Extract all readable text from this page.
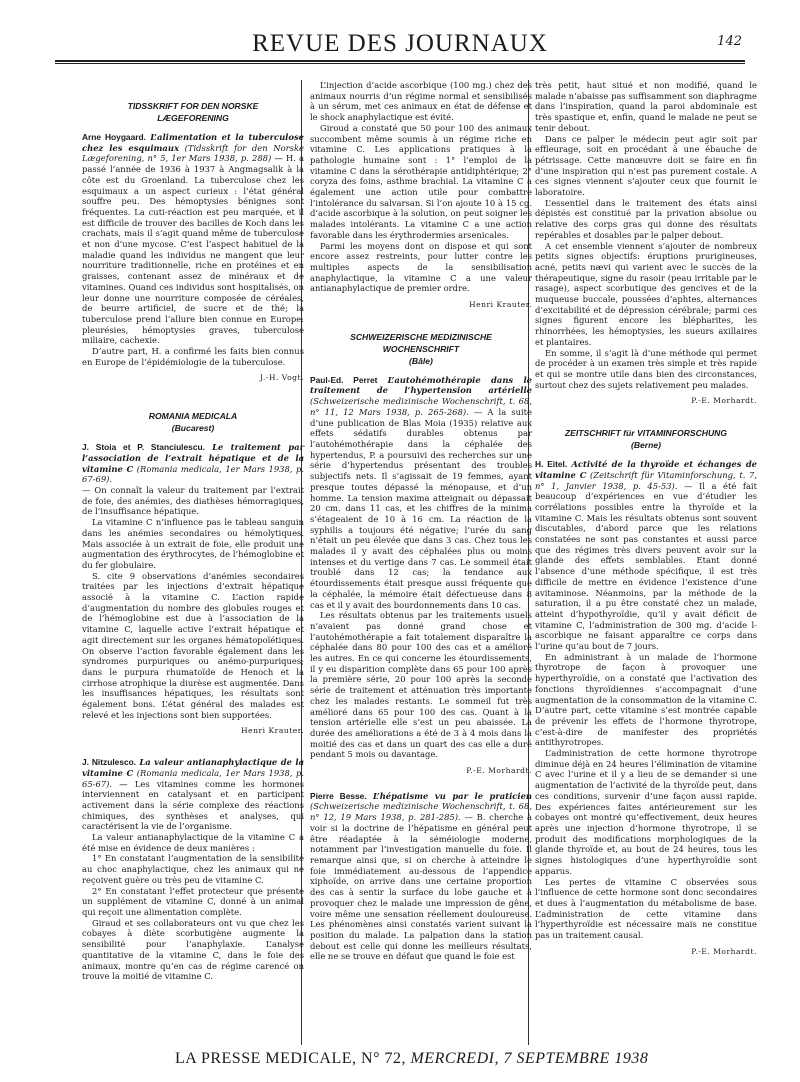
REVUE DES JOURNAUX	142
TIDSSKRIFT FOR DEN NORSKE
LÆGEFORENING

Arne Hoygaard. L’alimentation et la tuberculose chez les esquimaux (Tidsskrift for den Norske Lægeforening, n° 5, 1er Mars 1938, p. 288) — H. a passé l’année de 1936 à 1937 à Angmagsalik à la côte est du Groenland. La tuberculose chez les esquimaux a un aspect curieux : l’état général souffre peu. Des hémoptysies bénignes sont fréquentes. La cuti-réaction est peu marquée, et il est difficile de trouver des bacilles de Koch dans les crachats, mais il s’agit quand même de tuberculose et non d’une mycose. C’est l’aspect habituel de la maladie quand les individus ne mangent que leur nourriture traditionnelle, riche en protéines et en graisses, contenant assez de minéraux et de vitamines. Quand ces individus sont hospitalisés, on leur donne une nourriture composée de céréales, de beurre artificiel, de sucre et de thé; la tuberculose prend l’allure bien connue en Europe: pleurésies, hémoptysies graves, tuberculose miliaire, cachexie.

D’autre part, H. a confirmé les faits bien connus en Europe de l’épidémiologie de la tuberculose.

J.-H. Vogt.

ROMANIA MEDICALA
(Bucarest)

J. Stoia et P. Stanciulescu. Le traitement par l’association de l’extrait hépatique et de la vitamine C (Romania medicala, 1er Mars 1938, p. 67-69).

— On connaît la valeur du traitement par l’extrait de foie, des anémies, des diathèses hémorragiques, de l’insuffisance hépatique.

La vitamine C n’influence pas le tableau sanguin dans les anémies secondaires ou hémolytiques. Mais associée à un extrait de foie, elle produit une augmentation des érythrocytes, de l’hémoglobine et du fer globulaire.

S. cite 9 observations d’anémies secondaires traitées par les injections d’extrait hépatique associé à la vitamine C. L’action rapide d’augmentation du nombre des globules rouges et de l’hémoglobine est due à l’association de la vitamine C, laquelle active l’extrait hépatique et agit directement sur les organes hématopoïétiques. On observe l’action favorable également dans les syndromes purpuriques ou anémo-purpuriques; dans le purpura rhumatoïde de Henoch et la cirrhose atrophique la diurèse est augmentée. Dans les insuffisances hépatiques, les résultats sont également bons. L’état général des malades est relevé et les injections sont bien supportées.

Henri Krauter.

J. Nitzulesco. La valeur antianaphylactique de la vitamine C (Romania medicala, 1er Mars 1938, p. 65-67). — Les vitamines comme les hormones interviennent en catalysant et en participant activement dans la série complexe des réactions chimiques, des synthèses et analyses, qui caractérisent la vie de l’organisme.

La valeur antianaphylactique de la vitamine C a été mise en évidence de deux manières :

1° En constatant l’augmentation de la sensibilité au choc anaphylactique, chez les animaux qui ne reçoivent guère ou très peu de vitamine C.

2° En constatant l’effet protecteur que présente un supplément de vitamine C, donné à un animal qui reçoit une alimentation complète.

Giraud et ses collaborateurs ont vu que chez les cobayes à diète scorbutigène augmente la sensibilité pour l’anaphylaxie. L’analyse quantitative de la vitamine C, dans le foie des animaux, montre qu’en cas de régime carencé on trouve la moitié de vitamine C.

L’injection d’acide ascorbique (100 mg.) chez des animaux nourris d’un régime normal et sensibilisés à un sérum, met ces animaux en état de défense et le shock anaphylactique est évité.

Giroud a constaté que 50 pour 100 des animaux succombent même soumis à un régime riche en vitamine C. Les applications pratiques à la pathologie humaine sont : 1° l’emploi de la vitamine C dans la sérothérapie antidiphtérique; 2° coryza des foins, asthme brachial. La vitamine C a également une action utile pour combattre l’intolérance du salvarsan. Si l’on ajoute 10 à 15 cg. d’acide ascorbique à la solution, on peut soigner les malades intolérants. La vitamine C a une action favorable dans les érythrodermies arsenicales.

Parmi les moyens dont on dispose et qui sont encore assez restreints, pour lutter contre les multiples aspects de la sensibilisation anaphylactique, la vitamine C a une valeur antianaphylactique de premier ordre.

Henri Krauter.

SCHWEIZERISCHE MEDIZINISCHE
WOCHENSCHRIFT
(Bâle)

Paul-Ed. Perret L’autohémothérapie dans le traitement de l’hypertension artérielle (Schweizerische medizinische Wochenschrift, t. 68, n° 11, 12 Mars 1938, p. 265-268). — A la suite d’une publication de Blas Moia (1935) relative aux effets sédatifs durables obtenus par l’autohémothérapie dans la céphalée des hypertendus, P. a poursuivi des recherches sur une série d’hypertendus présentant des troubles subjectifs nets. Il s’agissait de 19 femmes, ayant presque toutes dépassé la ménopause, et d’un homme. La tension maxima atteignait ou dépassait 20 cm. dans 11 cas, et les chiffres de la minima s’étageaient de 10 à 16 cm. La réaction de la syphilis a toujours été négative; l’urée du sang n’était un peu élevée que dans 3 cas. Chez tous les malades il y avait des céphalées plus ou moins intenses et du vertige dans 7 cas. Le sommeil était troublé dans 12 cas; la tendance aux étourdissements était presque aussi fréquente que la céphalée, la mémoire était défectueuse dans 8 cas et il y avait des bourdonnements dans 10 cas.

Les résultats obtenus par les traitements usuels n’avaient pas donné grand chose et l’autohémothérapie a fait totalement disparaître la céphalée dans 80 pour 100 des cas et a amélioré les autres. En ce qui concerne les étourdissements, il y eu disparition complète dans 65 pour 100 après la première série, 20 pour 100 après la seconde série de traitement et atténuation très importante chez les malades restants. Le sommeil fut très amélioré dans 65 pour 100 des cas. Quant à la tension artérielle elle s’est un peu abaissée. La durée des améliorations a été de 3 à 4 mois dans la moitié des cas et dans un quart des cas elle a duré pendant 5 mois ou davantage.

P.-E. Morhardt.

Pierre Besse. L’hépatisme vu par le praticien (Schweizerische medizinische Wochenschrift, t. 68, n° 12, 19 Mars 1938, p. 281-285). — B. cherche à voir si la doctrine de l’hépatisme en général peut être réadaptée à la séméiologie moderne, notamment par l’investigation manuelle du foie. Il remarque ainsi que, si on cherche à atteindre le foie immédiatement au-dessous de l’appendice xiphoïde, on arrive dans une certaine proportion des cas à sentir la surface du lobe gauche et à provoquer chez le malade une impression de gêne, voire même une sensation réellement douloureuse. Les phénomènes ainsi constatés varient suivant la position du malade. La palpation dans la station debout est celle qui donne les meilleurs résultats, elle ne se trouve en défaut que quand le foie est

très petit, haut situé et non modifié, quand le malade n’abaisse pas suffisamment son diaphragme dans l’inspiration, quand la paroi abdominale est très spastique et, enfin, quand le malade ne peut se tenir debout.

Dans ce palper le médecin peut agir soit par effleurage, soit en procédant à une ébauche de pétrissage. Cette manœuvre doit se faire en fin d’une inspiration qui n’est pas purement costale. A ces signes viennent s’ajouter ceux que fournit le laboratoire.

L’essentiel dans le traitement des états ainsi dépistés est constitué par la privation absolue ou relative des corps gras qui donne des résultats repérables et dosables par le palper debout.

A cet ensemble viennent s’ajouter de nombreux petits signes objectifs: éruptions prurigineuses, acné, petits nævi qui varient avec le succès de la thérapeutique, signe du rasoir (peau irritable par le rasage), aspect scorbutique des gencives et de la muqueuse buccale, poussées d’aphtes, alternances d’excitabilité et de dépression cérébrale; parmi ces signes figurent encore les blépharites, les rhinorrhées, les hémoptysies, les sueurs axillaires et plantaires.

En somme, il s’agit là d’une méthode qui permet de procéder à un examen très simple et très rapide et qui se montre utile dans bien des circonstances, surtout chez des sujets relativement peu malades.

P.-E. Morhardt.

ZEITSCHRIFT für VITAMINFORSCHUNG
(Berne)

H. Eitel. Activité de la thyroïde et échanges de vitamine C (Zeitschrift für Vitaminforschung, t. 7, n° 1, Janvier 1938, p. 45-53). — Il a été fait beaucoup d’expériences en vue d’étudier les corrélations possibles entre la thyroïde et la vitamine C. Mais les résultats obtenus sont souvent discutables, d’abord parce que les relations constatées ne sont pas constantes et aussi parce que des régimes très divers peuvent avoir sur la glande des effets semblables. Etant donné l’absence d’une méthode spécifique, il est très difficile de mettre en évidence l’existence d’une avitaminose. Néanmoins, par la méthode de la saturation, il a pu être constaté chez un malade, atteint d’hypothyroïdie, qu’il y avait déficit de vitamine C, l’administration de 300 mg. d’acide l-ascorbique ne faisant apparaître ce corps dans l’urine qu’au bout de 7 jours.

En administrant à un malade de l’hormone thyrotrope de façon à provoquer une hyperthyroïdie, on a constaté que l’activation des fonctions thyroïdiennes s’accompagnait d’une augmentation de la consommation de la vitamine C. D’autre part, cette vitamine s’est montrée capable de prévenir les effets de l’hormone thyrotrope, c’est-à-dire de manifester des propriétés antithyrotropes.

L’administration de cette hormone thyrotrope diminue déjà en 24 heures l’élimination de vitamine C avec l’urine et il y a lieu de se demander si une augmentation de l’activité de la thyroïde peut, dans ces conditions, survenir d’une façon aussi rapide. Des expériences faites antérieurement sur les cobayes ont montré qu’effectivement, deux heures après une injection d’hormone thyrotrope, il se produit des modifications morphologiques de la glande thyroïde et, au bout de 24 heures, tous les signes histologiques d’une hyperthyroïdie sont apparus.

Les pertes de vitamine C observées sous l’influence de cette hormone sont donc secondaires et dues à l’augmentation du métabolisme de base. L’administration de cette vitamine dans l’hyperthyroïdie est nécessaire mais ne constitue pas un traitement causal.

P.-E. Morhardt.

LA PRESSE MEDICALE, N° 72, MERCREDI, 7 SEPTEMBRE 1938
